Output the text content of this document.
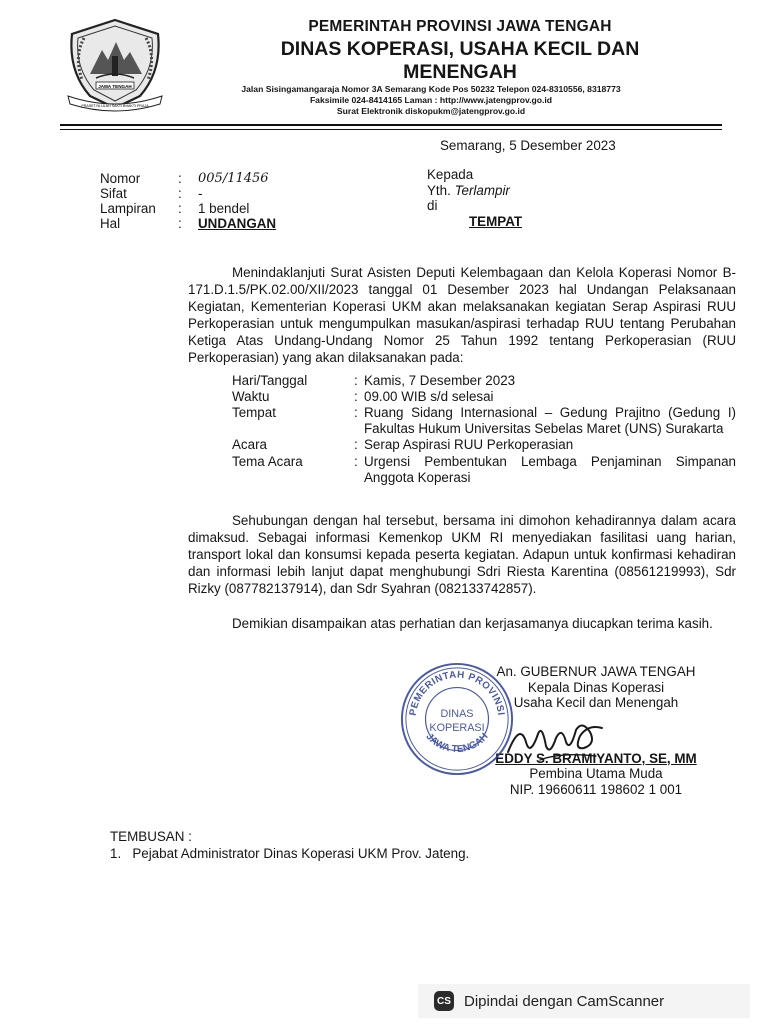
JAWA TENGAH
PRASETYA ULAH SAKTI BHAKTI PRAJA
PEMERINTAH PROVINSI JAWA TENGAH
DINAS KOPERASI, USAHA KECIL DAN
MENENGAH
Jalan Sisingamangaraja Nomor 3A Semarang Kode Pos 50232 Telepon 024-8310556, 8318773
Faksimile 024-8414165 Laman : http://www.jatengprov.go.id
Surat Elektronik diskopukm@jatengprov.go.id
Semarang, 5 Desember 2023
Nomor	:	005/11456
Sifat	:	-
Lampiran	:	1 bendel
Hal	:	UNDANGAN
Kepada
Yth. Terlampir
di
TEMPAT

Menindaklanjuti Surat Asisten Deputi Kelembagaan dan Kelola Koperasi Nomor B-171.D.1.5/PK.02.00/XII/2023 tanggal 01 Desember 2023 hal Undangan Pelaksanaan Kegiatan, Kementerian Koperasi UKM akan melaksanakan kegiatan Serap Aspirasi RUU Perkoperasian untuk mengumpulkan masukan/aspirasi terhadap RUU tentang Perubahan Ketiga Atas Undang-Undang Nomor 25 Tahun 1992 tentang Perkoperasian (RUU Perkoperasian) yang akan dilaksanakan pada:

Hari/Tanggal	: Kamis, 7 Desember 2023
Waktu	: 09.00 WIB s/d selesai
Tempat	: Ruang Sidang Internasional – Gedung Prajitno (Gedung I) Fakultas Hukum Universitas Sebelas Maret (UNS) Surakarta
Acara	: Serap Aspirasi RUU Perkoperasian
Tema Acara	: Urgensi Pembentukan Lembaga Penjaminan Simpanan Anggota Koperasi

Sehubungan dengan hal tersebut, bersama ini dimohon kehadirannya dalam acara dimaksud. Sebagai informasi Kemenkop UKM RI menyediakan fasilitasi uang harian, transport lokal dan konsumsi kepada peserta kegiatan. Adapun untuk konfirmasi kehadiran dan informasi lebih lanjut dapat menghubungi Sdri Riesta Karentina (08561219993), Sdr Rizky (087782137914), dan Sdr Syahran (082133742857).

Demikian disampaikan atas perhatian dan kerjasamanya diucapkan terima kasih.

An. GUBERNUR JAWA TENGAH
Kepala Dinas Koperasi
Usaha Kecil dan Menengah
EDDY S. BRAMIYANTO, SE, MM
Pembina Utama Muda
NIP. 19660611 198602 1 001
PEMERINTAH PROVINSI
JAWA TENGAH
DINAS
KOPERASI
TEMBUSAN :
1.   Pejabat Administrator Dinas Koperasi UKM Prov. Jateng.
CS Dipindai dengan CamScanner
